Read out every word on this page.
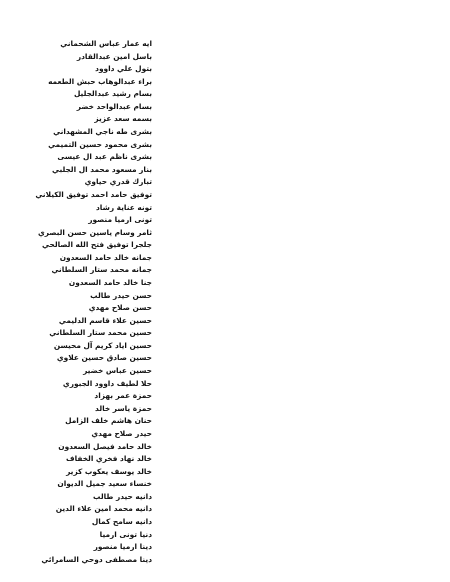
ايه عمار عباس الشحماني
باسل امين عبدالقادر
بتول علي داوود
براء عبدالوهاب حبش الطعمه
بسام رشيد عبدالجليل
بسام عبدالواحد خضر
بسمه سعد عزيز
بشرى طه ناجي المشهداني
بشرى محمود حسين التميمي
بشرى ناظم عبد ال عيسى
بنار مسعود محمد ال الجلبي
تبارك قدري حياوي
توفيق حامد احمد توفيق الكيلاني
تونه عناية رشاد
تونى ارميا منصور
ثامر وسام ياسين حسن البصري
جلجرا توفيق فتح الله الصالحي
جمانه خالد حامد السعدون
جمانه محمد ستار السلطاني
جنا خالد حامد السعدون
حسن حيدر طالب
حسن صلاح مهدي
حسين علاء قاسم الدليمي
حسين محمد ستار السلطاني
حسين اياد كريم آل محيسن
حسين صادق حسين علاوي
حسين عباس خضير
حلا لطيف داوود الجبوري
حمزة عمر بهزاد
حمزة ياسر خالد
حنان هاشم خلف الزامل
حيدر صلاح مهدي
خالد حامد فيصل السعدون
خالد نهاد فخري الخفاف
خالد يوسف يعكوب كزير
خنساء سعيد جميل الديوان
دانيه حيدر طالب
دانيه محمد امين علاء الدين
دانيه سامح كمال
دنيا تونى ارميا
دينا ارميا منصور
دينا مصطفى دوحي السامرائي
